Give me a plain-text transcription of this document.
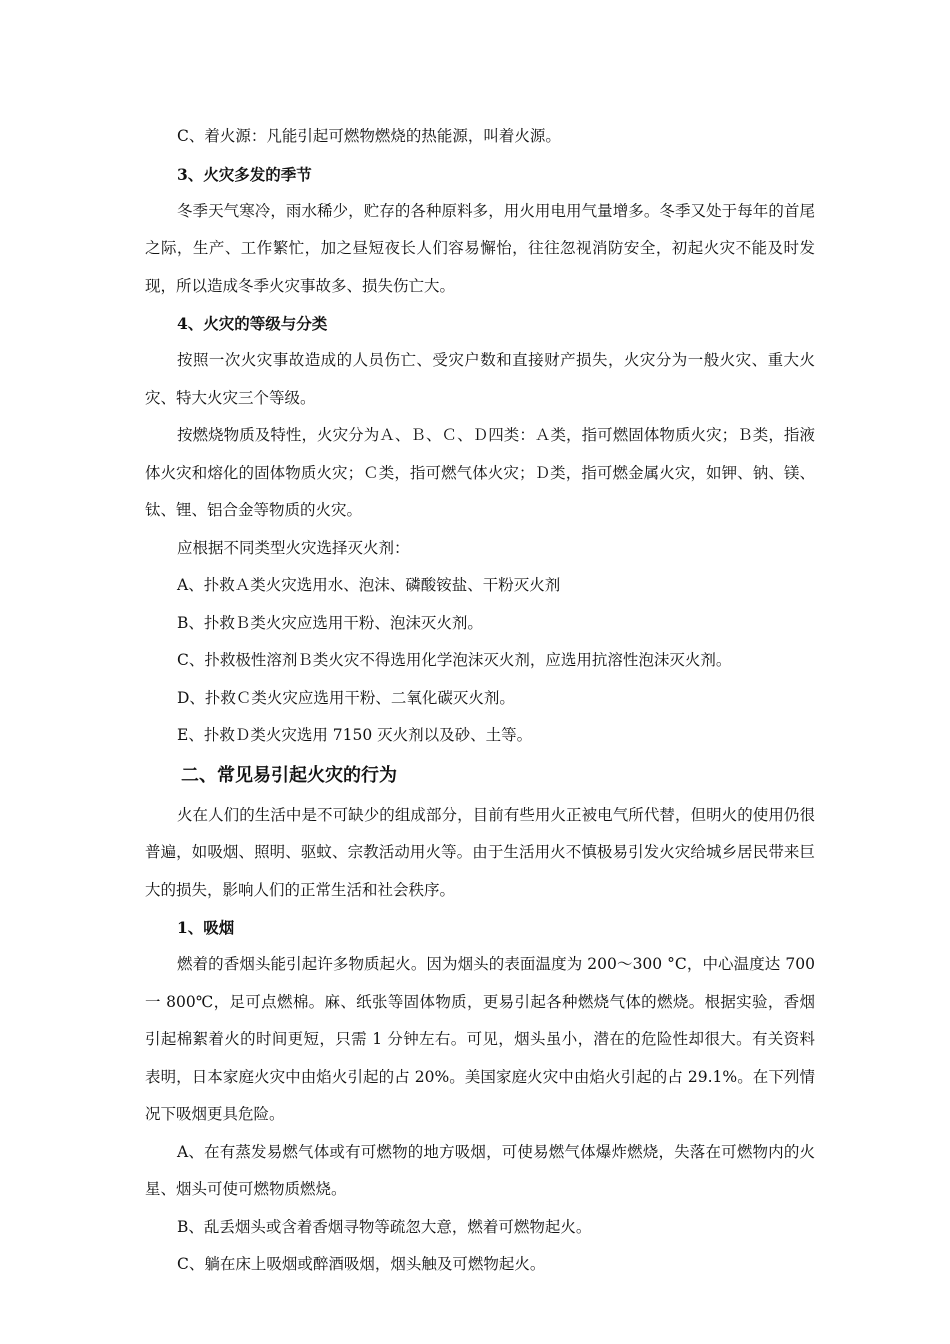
C、着火源：凡能引起可燃物燃烧的热能源，叫着火源。

3、火灾多发的季节

冬季天气寒冷，雨水稀少，贮存的各种原料多，用火用电用气量增多。冬季又处于每年的首尾之际，生产、工作繁忙，加之昼短夜长人们容易懈怡，往往忽视消防安全，初起火灾不能及时发现，所以造成冬季火灾事故多、损失伤亡大。

4、火灾的等级与分类

按照一次火灾事故造成的人员伤亡、受灾户数和直接财产损失，火灾分为一般火灾、重大火灾、特大火灾三个等级。

按燃烧物质及特性，火灾分为Ａ、Ｂ、Ｃ、Ｄ四类：Ａ类，指可燃固体物质火灾；Ｂ类，指液体火灾和熔化的固体物质火灾；Ｃ类，指可燃气体火灾；Ｄ类，指可燃金属火灾，如钾、钠、镁、钛、锂、铝合金等物质的火灾。

应根据不同类型火灾选择灭火剂：

A、扑救Ａ类火灾选用水、泡沫、磷酸铵盐、干粉灭火剂

B、扑救Ｂ类火灾应选用干粉、泡沫灭火剂。

C、扑救极性溶剂Ｂ类火灾不得选用化学泡沫灭火剂，应选用抗溶性泡沫灭火剂。

D、扑救Ｃ类火灾应选用干粉、二氧化碳灭火剂。

E、扑救Ｄ类火灾选用 7150 灭火剂以及砂、土等。

二、常见易引起火灾的行为

火在人们的生活中是不可缺少的组成部分，目前有些用火正被电气所代替，但明火的使用仍很普遍，如吸烟、照明、驱蚊、宗教活动用火等。由于生活用火不慎极易引发火灾给城乡居民带来巨大的损失，影响人们的正常生活和社会秩序。

1、吸烟

燃着的香烟头能引起许多物质起火。因为烟头的表面温度为 200～300 °C，中心温度达 700 一 800℃，足可点燃棉。麻、纸张等固体物质，更易引起各种燃烧气体的燃烧。根据实验，香烟引起棉絮着火的时间更短，只需 1 分钟左右。可见，烟头虽小，潜在的危险性却很大。有关资料表明，日本家庭火灾中由焰火引起的占 20%。美国家庭火灾中由焰火引起的占 29.1%。在下列情况下吸烟更具危险。

A、在有蒸发易燃气体或有可燃物的地方吸烟，可使易燃气体爆炸燃烧，失落在可燃物内的火星、烟头可使可燃物质燃烧。

B、乱丢烟头或含着香烟寻物等疏忽大意，燃着可燃物起火。

C、躺在床上吸烟或醉酒吸烟，烟头触及可燃物起火。
